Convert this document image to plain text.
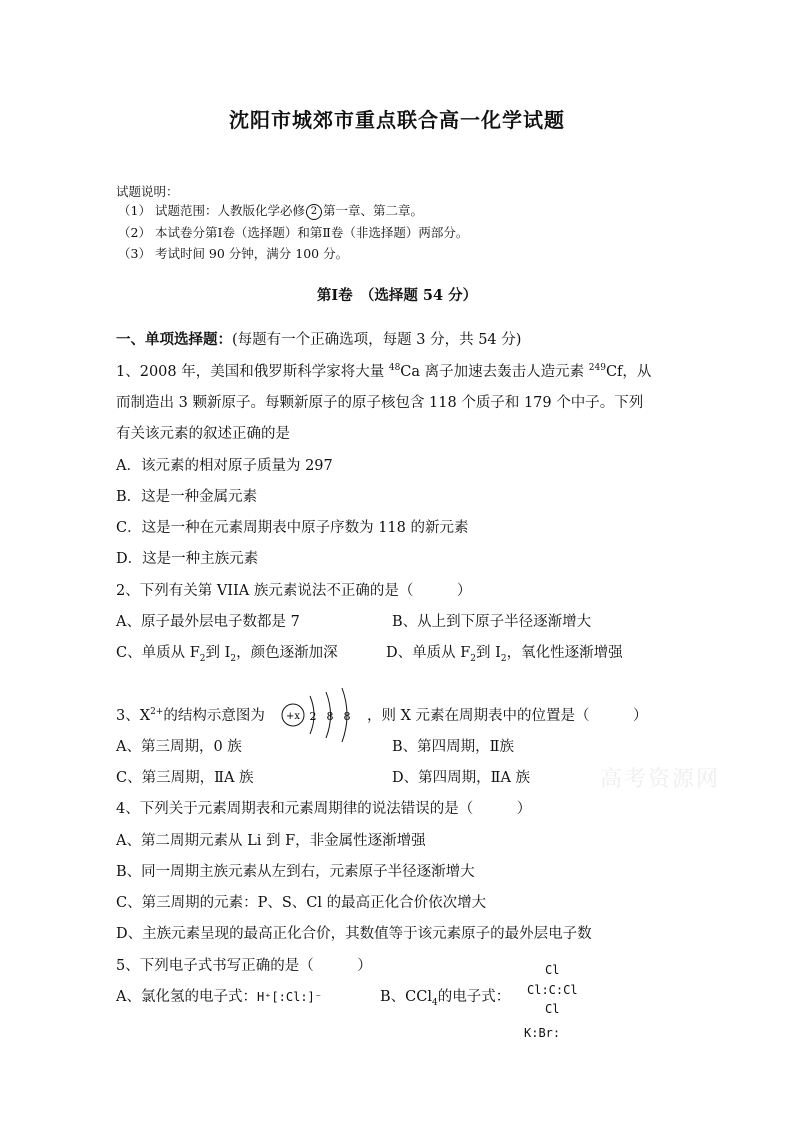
沈阳市城郊市重点联合高一化学试题
试题说明：
（1） 试题范围：人教版化学必修 2 第一章、第二章。
（2） 本试卷分第Ⅰ卷（选择题）和第Ⅱ卷（非选择题）两部分。
（3） 考试时间 90 分钟，满分 100 分。
第Ⅰ卷　（选择题 54 分）
一、单项选择题：(每题有一个正确选项，每题 3 分，共 54 分)
1、2008 年，美国和俄罗斯科学家将大量 $^{48}$Ca 离子加速去轰击人造元素 $^{249}$Cf，从
而制造出 3 颗新原子。每颗新原子的原子核包含 118 个质子和 179 个中子。下列
有关该元素的叙述正确的是
A．该元素的相对原子质量为 297
B．这是一种金属元素
C．这是一种在元素周期表中原子序数为 118 的新元素
D．这是一种主族元素
2、下列有关第 VIIA 族元素说法不正确的是（　　　）
A、原子最外层电子数都是 7	B、从上到下原子半径逐渐增大
C、单质从 $F_2$到 $I_2$，颜色逐渐加深	D、单质从 $F_2$到 $I_2$，氧化性逐渐增强
3、$X^{2+}$的结构示意图为 +x 2 8 8 ，则 X 元素在周期表中的位置是（　　　）
A、第三周期，0 族	B、第四周期，Ⅱ族
C、第三周期，ⅡA 族	D、第四周期，ⅡA 族	高考资源网
4、下列关于元素周期表和元素周期律的说法错误的是（　　　）
A、第二周期元素从 Li 到 F，非金属性逐渐增强
B、同一周期主族元素从左到右，元素原子半径逐渐增大
C、第三周期的元素：P、S、Cl 的最高正化合价依次增大
D、主族元素呈现的最高正化合价，其数值等于该元素原子的最外层电子数
5、下列电子式书写正确的是（　　　）
A、氯化氢的电子式：H⁺[:Cl:]⁻	B、CCl$_4$的电子式：
Cl
Cl:C:Cl
Cl
K:Br:
